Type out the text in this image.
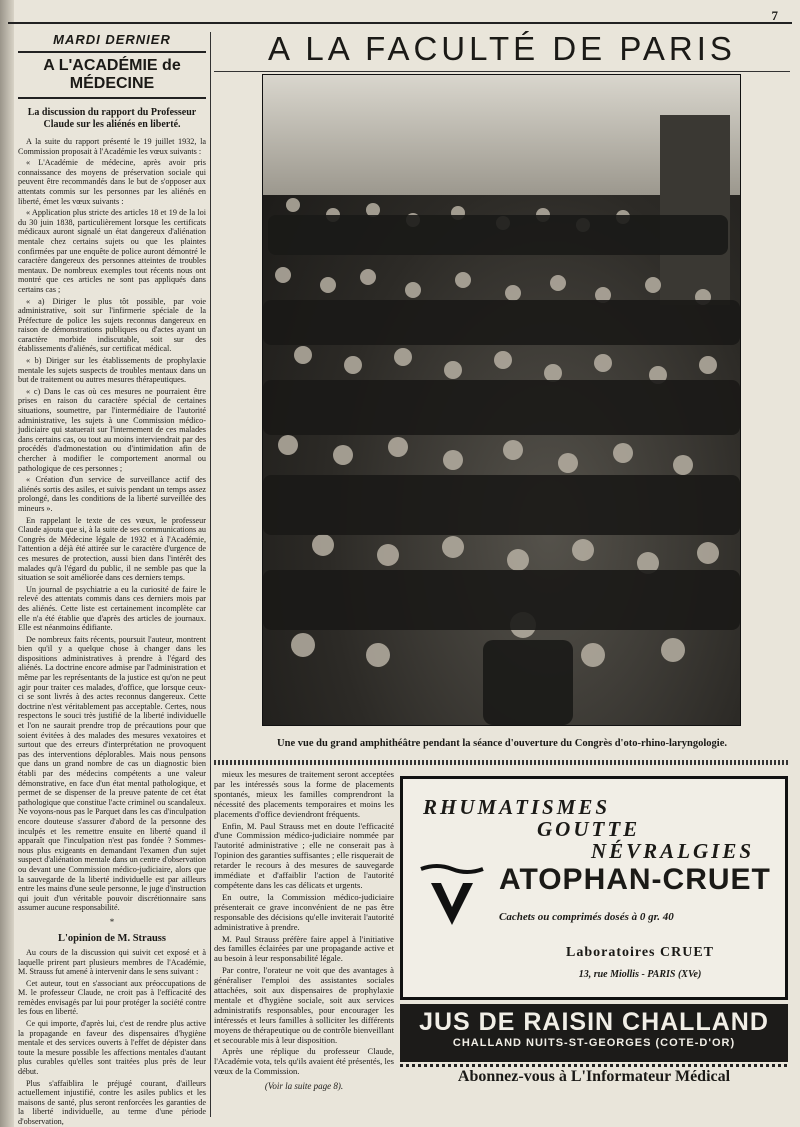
7
MARDI DERNIER
A L'ACADÉMIE de MÉDECINE
La discussion du rapport du Professeur Claude sur les aliénés en liberté.

A la suite du rapport présenté le 19 juillet 1932, la Commission proposait à l'Académie les vœux suivants :

« L'Académie de médecine, après avoir pris connaissance des moyens de préservation sociale qui peuvent être recommandés dans le but de s'opposer aux attentats commis sur les personnes par les aliénés en liberté, émet les vœux suivants :

« Application plus stricte des articles 18 et 19 de la loi du 30 juin 1838, particulièrement lorsque les certificats médicaux auront signalé un état dangereux d'aliénation mentale chez certains sujets ou que les plaintes confirmées par une enquête de police auront démontré le caractère dangereux des personnes atteintes de troubles mentaux. De nombreux exemples tout récents nous ont montré que ces articles ne sont pas appliqués dans certains cas ;

« a) Diriger le plus tôt possible, par voie administrative, soit sur l'infirmerie spéciale de la Préfecture de police les sujets reconnus dangereux en raison de démonstrations publiques ou d'actes ayant un caractère morbide indiscutable, soit sur des établissements d'aliénés, sur certificat médical.

« b) Diriger sur les établissements de prophylaxie mentale les sujets suspects de troubles mentaux dans un but de traitement ou autres mesures thérapeutiques.

« c) Dans le cas où ces mesures ne pourraient être prises en raison du caractère spécial de certaines situations, soumettre, par l'intermédiaire de l'autorité administrative, les sujets à une Commission médico-judiciaire qui statuerait sur l'internement de ces malades dans certains cas, ou tout au moins interviendrait par des procédés d'admonestation ou d'intimidation afin de chercher à modifier le comportement anormal ou pathologique de ces personnes ;

« Création d'un service de surveillance actif des aliénés sortis des asiles, et suivis pendant un temps assez prolongé, dans les conditions de la liberté surveillée des mineurs ».

En rappelant le texte de ces vœux, le professeur Claude ajouta que si, à la suite de ses communications au Congrès de Médecine légale de 1932 et à l'Académie, l'attention a déjà été attirée sur le caractère d'urgence de ces mesures de protection, aussi bien dans l'intérêt des malades qu'à l'égard du public, il ne semble pas que la situation se soit améliorée dans ces derniers temps.

Un journal de psychiatrie a eu la curiosité de faire le relevé des attentats commis dans ces derniers mois par des aliénés. Cette liste est certainement incomplète car elle n'a été établie que d'après des articles de journaux. Elle est néanmoins édifiante.

De nombreux faits récents, poursuit l'auteur, montrent bien qu'il y a quelque chose à changer dans les dispositions administratives à prendre à l'égard des aliénés. La doctrine encore admise par l'administration et même par les représentants de la justice est qu'on ne peut agir pour traiter ces malades, d'office, que lorsque ceux-ci se sont livrés à des actes reconnus dangereux. Cette doctrine n'est véritablement pas acceptable. Certes, nous respectons le souci très justifié de la liberté individuelle et l'on ne saurait prendre trop de précautions pour que soient évitées à des malades des mesures vexatoires et surtout que des erreurs d'interprétation ne provoquent pas des interventions déplorables. Mais nous pensons que dans un grand nombre de cas un diagnostic bien établi par des médecins compétents a une valeur démonstrative, en face d'un état mental pathologique, et permet de se dispenser de la preuve patente de cet état pathologique que constitue l'acte criminel ou scandaleux. Ne voyons-nous pas le Parquet dans les cas d'inculpation encore douteuse s'assurer d'abord de la personne des inculpés et les remettre ensuite en liberté quand il apparaît que l'inculpation n'est pas fondée ? Sommes-nous plus exigeants en demandant l'examen d'un sujet suspect d'aliénation mentale dans un centre d'observation ou devant une Commission médico-judiciaire, alors que la sauvegarde de la liberté individuelle est par ailleurs entre les mains d'une seule personne, le juge d'instruction qui jouit d'un véritable pouvoir discrétionnaire sans assumer aucune responsabilité.

*
L'opinion de M. Strauss

Au cours de la discussion qui suivit cet exposé et à laquelle prirent part plusieurs membres de l'Académie, M. Strauss fut amené à intervenir dans le sens suivant :

Cet auteur, tout en s'associant aux préoccupations de M. le professeur Claude, ne croit pas à l'efficacité des remèdes envisagés par lui pour protéger la société contre les fous en liberté.

Ce qui importe, d'après lui, c'est de rendre plus active la propagande en faveur des dispensaires d'hygiène mentale et des services ouverts à l'effet de dépister dans toute la mesure possible les affections mentales d'autant plus curables qu'elles sont traitées plus près de leur début.

Plus s'affaiblira le préjugé courant, d'ailleurs actuellement injustifié, contre les asiles publics et les maisons de santé, plus seront renforcées les garanties de la liberté individuelle, au terme d'une période d'observation,

A LA FACULTÉ DE PARIS
Une vue du grand amphithéâtre pendant la séance d'ouverture du Congrès d'oto-rhino-laryngologie.

mieux les mesures de traitement seront acceptées par les intéressés sous la forme de placements spontanés, mieux les familles comprendront la nécessité des placements temporaires et moins les placements d'office deviendront fréquents.

Enfin, M. Paul Strauss met en doute l'efficacité d'une Commission médico-judiciaire nommée par l'autorité administrative ; elle ne conserait pas à l'opinion des garanties suffisantes ; elle risquerait de retarder le recours à des mesures de sauvegarde immédiate et d'affaiblir l'action de l'autorité compétente dans les cas délicats et urgents.

En outre, la Commission médico-judiciaire présenterait ce grave inconvénient de ne pas être responsable des décisions qu'elle inviterait l'autorité administrative à prendre.

M. Paul Strauss préfère faire appel à l'initiative des familles éclairées par une propagande active et au besoin à leur responsabilité légale.

Par contre, l'orateur ne voit que des avantages à généraliser l'emploi des assistantes sociales attachées, soit aux dispensaires de prophylaxie mentale et d'hygiène sociale, soit aux services administratifs responsables, pour encourager les intéressés et leurs familles à solliciter les différents moyens de thérapeutique ou de contrôle bienveillant et secourable mis à leur disposition.

Après une réplique du professeur Claude, l'Académie vota, tels qu'ils avaient été présentés, les vœux de la Commission.

(Voir la suite page 8).
RHUMATISMES
GOUTTE
NÉVRALGIES
ATOPHAN-CRUET
Cachets ou comprimés dosés à 0 gr. 40
Laboratoires CRUET
13, rue Miollis - PARIS (XVe)
JUS DE RAISIN CHALLAND
CHALLAND NUITS-ST-GEORGES (COTE-D'OR)
Abonnez-vous à L'Informateur Médical
